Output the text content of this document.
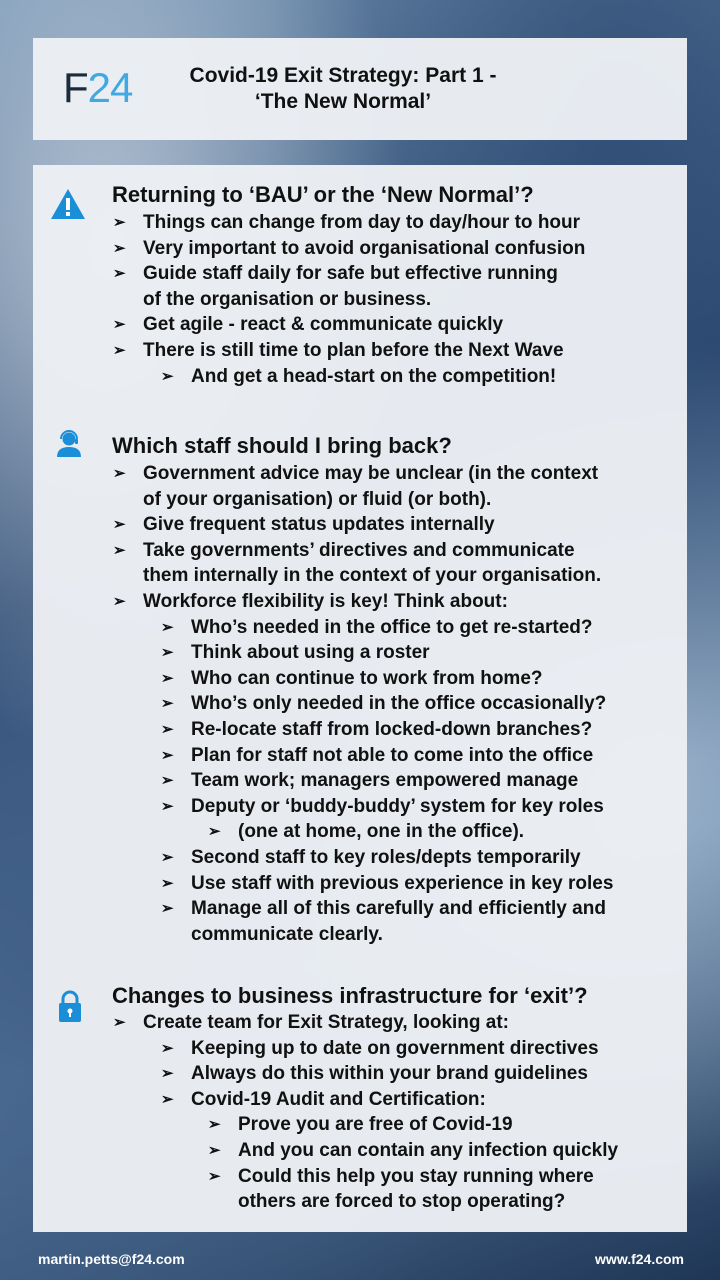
F24	Covid-19 Exit Strategy: Part 1 -
‘The New Normal’
Returning to ‘BAU’ or the ‘New Normal’?
➢ Things can change from day to day/hour to hour
➢ Very important to avoid organisational confusion
➢ Guide staff daily for safe but effective running
of the organisation or business.
➢ Get agile - react & communicate quickly
➢ There is still time to plan before the Next Wave
➢ And get a head-start on the competition!
Which staff should I bring back?
➢ Government advice may be unclear (in the context
of your organisation) or fluid (or both).
➢ Give frequent status updates internally
➢ Take governments’ directives and communicate
them internally in the context of your organisation.
➢ Workforce flexibility is key! Think about:
➢ Who’s needed in the office to get re-started?
➢ Think about using a roster
➢ Who can continue to work from home?
➢ Who’s only needed in the office occasionally?
➢ Re-locate staff from locked-down branches?
➢ Plan for staff not able to come into the office
➢ Team work; managers empowered manage
➢ Deputy or ‘buddy-buddy’ system for key roles
➢ (one at home, one in the office).
➢ Second staff to key roles/depts temporarily
➢ Use staff with previous experience in key roles
➢ Manage all of this carefully and efficiently and
communicate clearly.
Changes to business infrastructure for ‘exit’?
➢ Create team for Exit Strategy, looking at:
➢ Keeping up to date on government directives
➢ Always do this within your brand guidelines
➢ Covid-19 Audit and Certification:
➢ Prove you are free of Covid-19
➢ And you can contain any infection quickly
➢ Could this help you stay running where
others are forced to stop operating?
martin.petts@f24.com	www.f24.com
